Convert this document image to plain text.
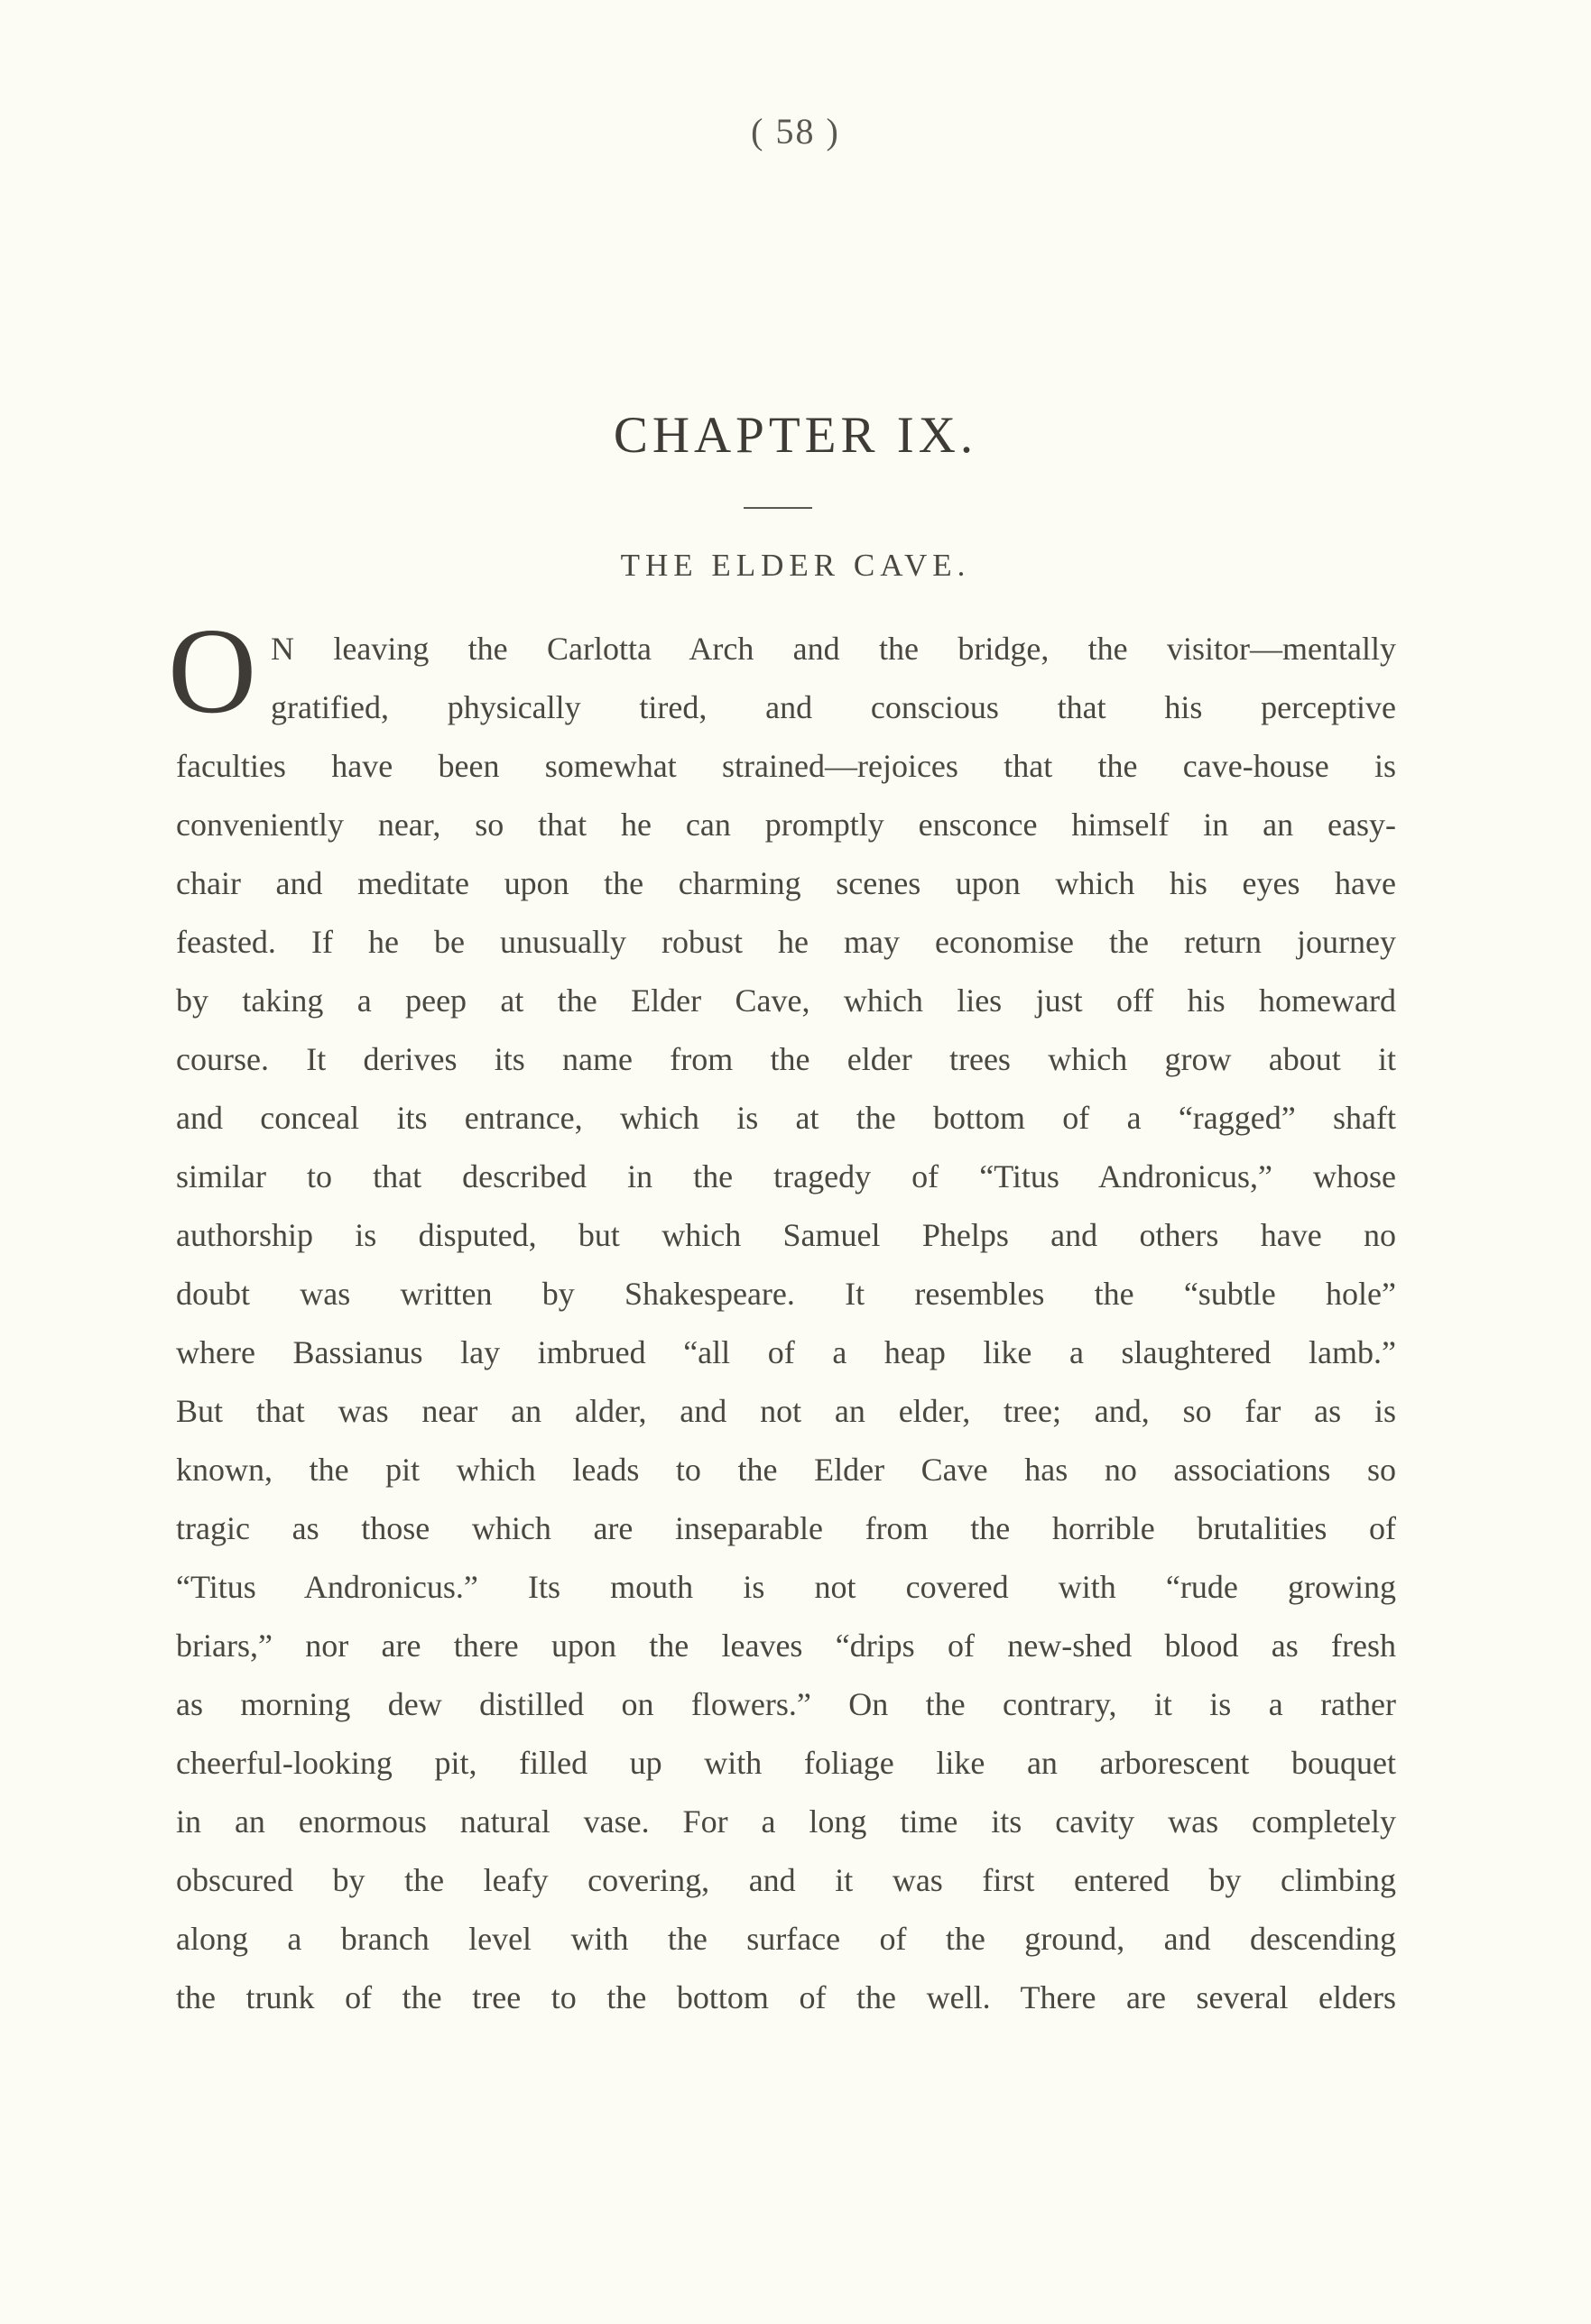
( 58 )
CHAPTER IX.
THE ELDER CAVE.
O N leaving the Carlotta Arch and the bridge, the visitor—mentally
gratified, physically tired, and conscious that his perceptive
faculties have been somewhat strained—rejoices that the cave-house is
conveniently near, so that he can promptly ensconce himself in an easy-
chair and meditate upon the charming scenes upon which his eyes have
feasted. If he be unusually robust he may economise the return journey
by taking a peep at the Elder Cave, which lies just off his homeward
course. It derives its name from the elder trees which grow about it
and conceal its entrance, which is at the bottom of a “ragged” shaft
similar to that described in the tragedy of “Titus Andronicus,” whose
authorship is disputed, but which Samuel Phelps and others have no
doubt was written by Shakespeare. It resembles the “subtle hole”
where Bassianus lay imbrued “all of a heap like a slaughtered lamb.”
But that was near an alder, and not an elder, tree; and, so far as is
known, the pit which leads to the Elder Cave has no associations so
tragic as those which are inseparable from the horrible brutalities of
“Titus Andronicus.” Its mouth is not covered with “rude growing
briars,” nor are there upon the leaves “drips of new-shed blood as fresh
as morning dew distilled on flowers.” On the contrary, it is a rather
cheerful-looking pit, filled up with foliage like an arborescent bouquet
in an enormous natural vase. For a long time its cavity was completely
obscured by the leafy covering, and it was first entered by climbing
along a branch level with the surface of the ground, and descending
the trunk of the tree to the bottom of the well. There are several elders
